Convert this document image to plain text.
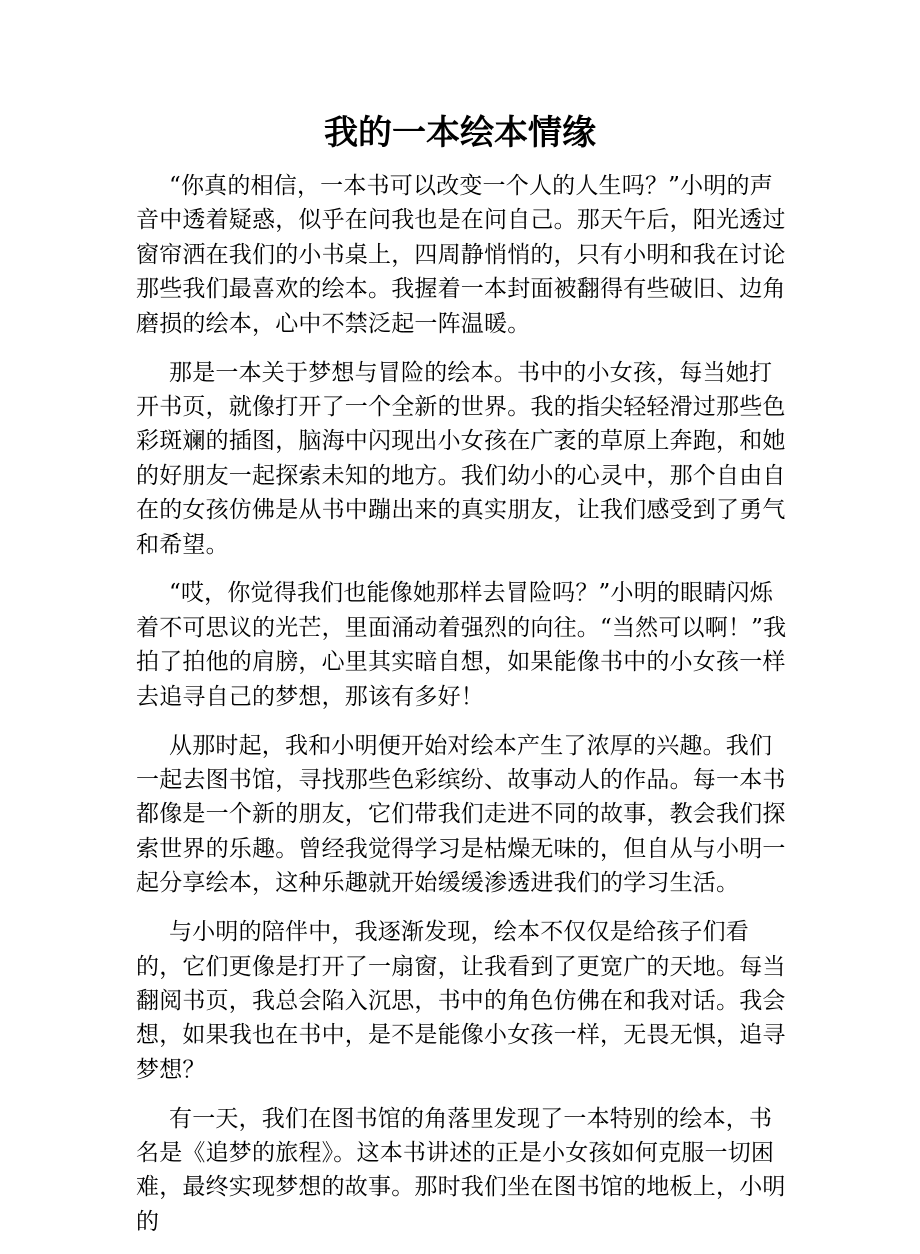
我的一本绘本情缘

“你真的相信，一本书可以改变一个人的人生吗？”小明的声音中透着疑惑，似乎在问我也是在问自己。那天午后，阳光透过窗帘洒在我们的小书桌上，四周静悄悄的，只有小明和我在讨论那些我们最喜欢的绘本。我握着一本封面被翻得有些破旧、边角磨损的绘本，心中不禁泛起一阵温暖。

那是一本关于梦想与冒险的绘本。书中的小女孩，每当她打开书页，就像打开了一个全新的世界。我的指尖轻轻滑过那些色彩斑斓的插图，脑海中闪现出小女孩在广袤的草原上奔跑，和她的好朋友一起探索未知的地方。我们幼小的心灵中，那个自由自在的女孩仿佛是从书中蹦出来的真实朋友，让我们感受到了勇气和希望。

“哎，你觉得我们也能像她那样去冒险吗？”小明的眼睛闪烁着不可思议的光芒，里面涌动着强烈的向往。“当然可以啊！”我拍了拍他的肩膀，心里其实暗自想，如果能像书中的小女孩一样去追寻自己的梦想，那该有多好！

从那时起，我和小明便开始对绘本产生了浓厚的兴趣。我们一起去图书馆，寻找那些色彩缤纷、故事动人的作品。每一本书都像是一个新的朋友，它们带我们走进不同的故事，教会我们探索世界的乐趣。曾经我觉得学习是枯燥无味的，但自从与小明一起分享绘本，这种乐趣就开始缓缓渗透进我们的学习生活。

与小明的陪伴中，我逐渐发现，绘本不仅仅是给孩子们看的，它们更像是打开了一扇窗，让我看到了更宽广的天地。每当翻阅书页，我总会陷入沉思，书中的角色仿佛在和我对话。我会想，如果我也在书中，是不是能像小女孩一样，无畏无惧，追寻梦想？

有一天，我们在图书馆的角落里发现了一本特别的绘本，书名是《追梦的旅程》。这本书讲述的正是小女孩如何克服一切困难，最终实现梦想的故事。那时我们坐在图书馆的地板上，小明的
